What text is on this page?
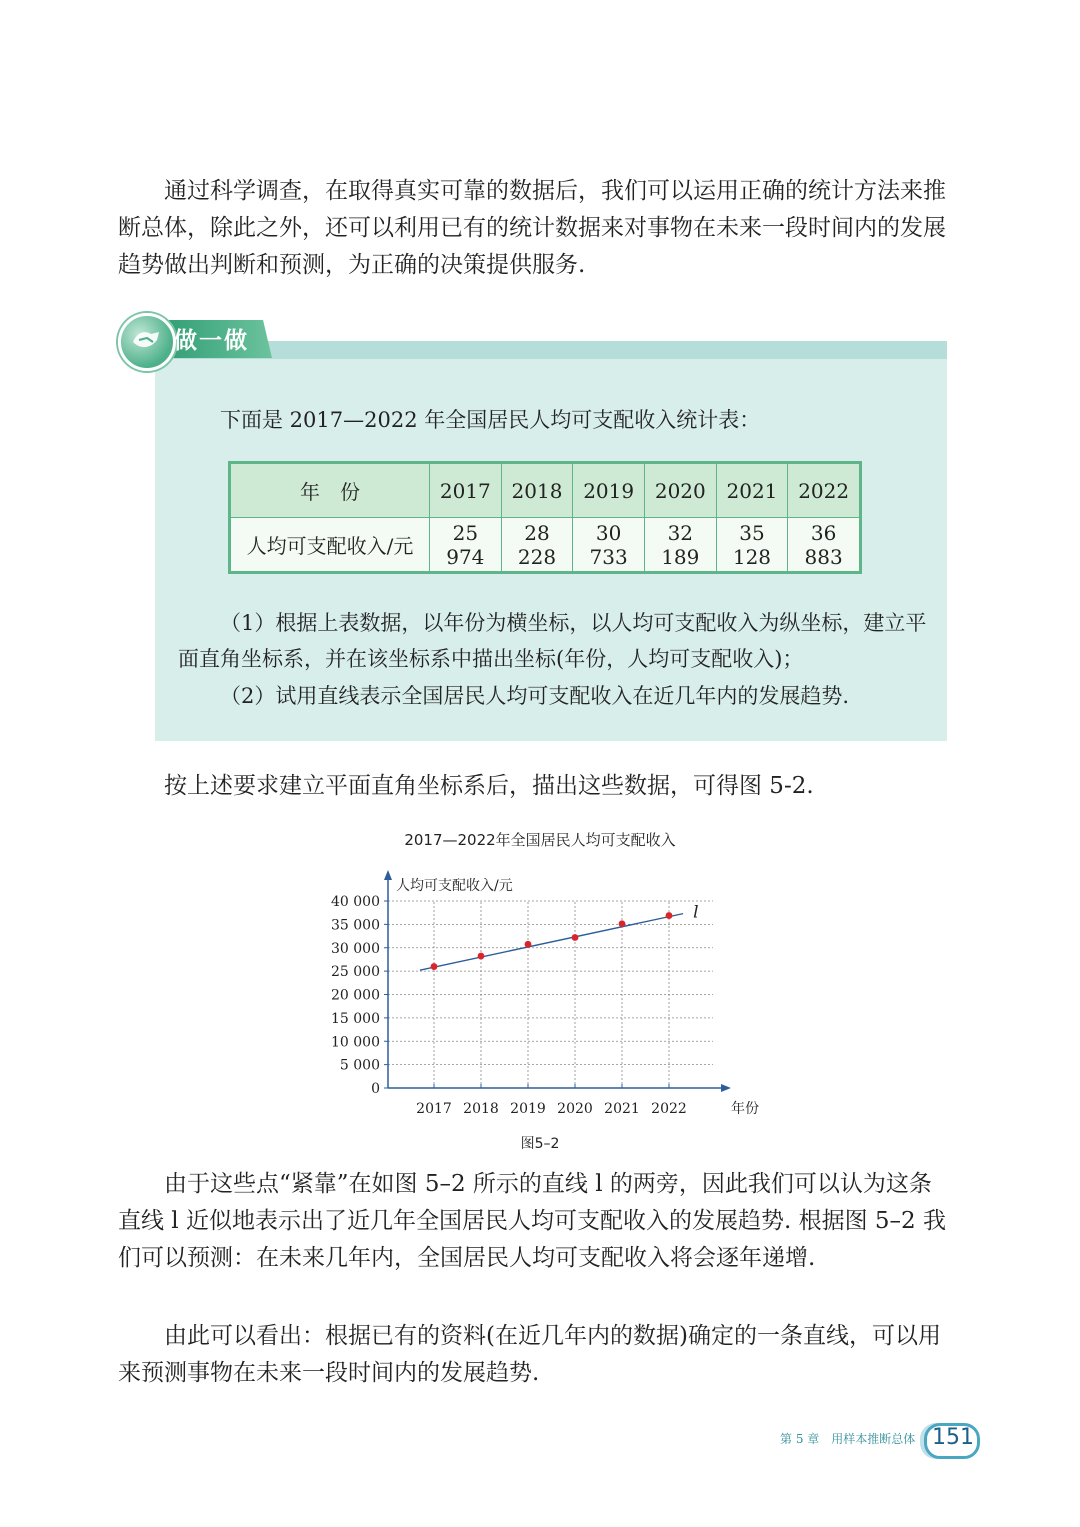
通过科学调查，在取得真实可靠的数据后，我们可以运用正确的统计方法来推断总体，除此之外，还可以利用已有的统计数据来对事物在未来一段时间内的发展趋势做出判断和预测，为正确的决策提供服务.

做一做

下面是 2017—2022 年全国居民人均可支配收入统计表：

年　份	2017	2018	2019	2020	2021	2022
人均可支配收入/元	25 974	28 228	30 733	32 189	35 128	36 883

（1）根据上表数据，以年份为横坐标，以人均可支配收入为纵坐标，建立平面直角坐标系，并在该坐标系中描出坐标(年份，人均可支配收入)；

（2）试用直线表示全国居民人均可支配收入在近几年内的发展趋势.

按上述要求建立平面直角坐标系后，描出这些数据，可得图 5-2.

2017—2022年全国居民人均可支配收入
0
5 000
10 000
15 000
20 000
25 000
30 000
35 000
40 000
2017 2018 2019 2020 2021 2022
人均可支配收入/元
年份
l
图5–2

由于这些点“紧靠”在如图 5–2 所示的直线 l 的两旁，因此我们可以认为这条直线 l 近似地表示出了近几年全国居民人均可支配收入的发展趋势. 根据图 5–2 我们可以预测：在未来几年内，全国居民人均可支配收入将会逐年递增.

由此可以看出：根据已有的资料(在近几年内的数据)确定的一条直线，可以用来预测事物在未来一段时间内的发展趋势.

第 5 章　用样本推断总体 151
